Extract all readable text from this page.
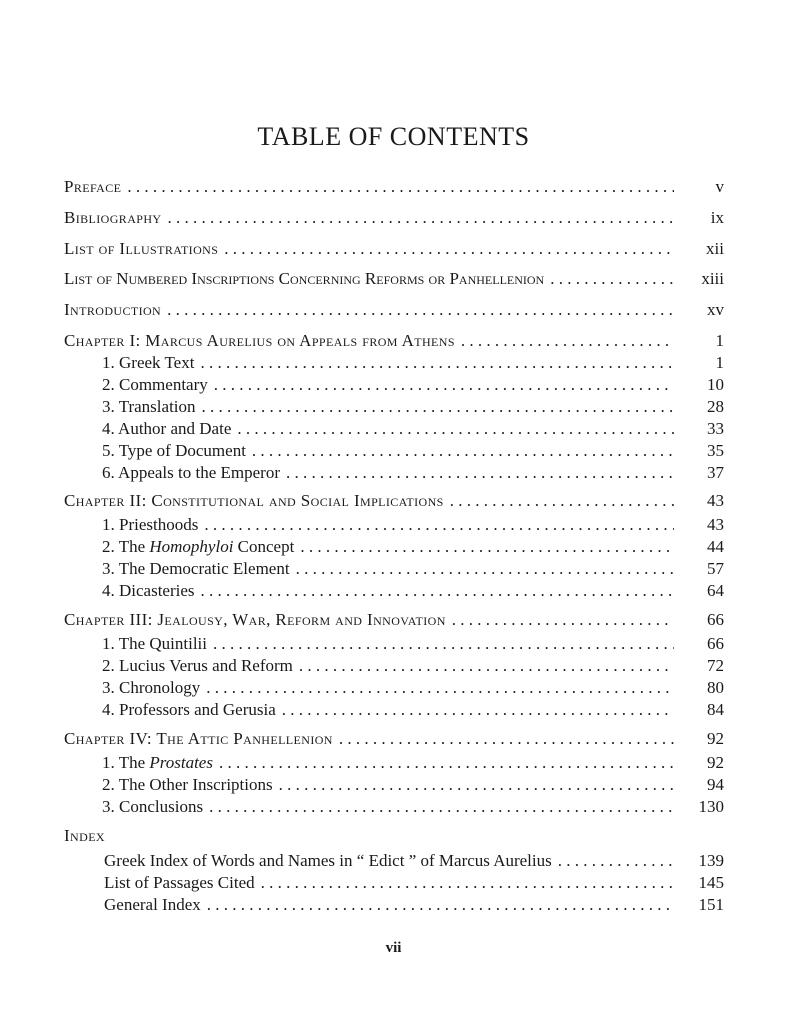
TABLE OF CONTENTS
Preface . . .	v
Bibliography . . .	ix
List of Illustrations . . .	xii
List of Numbered Inscriptions Concerning Reforms or Panhellenion . . .	xiii
Introduction . . .	xv
Chapter I: Marcus Aurelius on Appeals from Athens . . .	1
1. Greek Text . . .	1
2. Commentary . . .	10
3. Translation . . .	28
4. Author and Date . . .	33
5. Type of Document . . .	35
6. Appeals to the Emperor . . .	37
Chapter II: Constitutional and Social Implications . . .	43
1. Priesthoods . . .	43
2. The Homophyloi Concept . . .	44
3. The Democratic Element . . .	57
4. Dicasteries . . .	64
Chapter III: Jealousy, War, Reform and Innovation . . .	66
1. The Quintilii . . .	66
2. Lucius Verus and Reform . . .	72
3. Chronology . . .	80
4. Professors and Gerusia . . .	84
Chapter IV: The Attic Panhellenion . . .	92
1. The Prostates . . .	92
2. The Other Inscriptions . . .	94
3. Conclusions . . .	130
Index
Greek Index of Words and Names in “ Edict ” of Marcus Aurelius . . .	139
List of Passages Cited . . .	145
General Index . . .	151
vii
